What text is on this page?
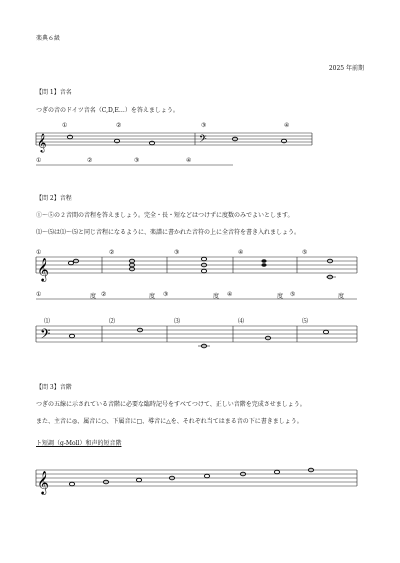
楽典６級
2025 年前期
【問 1】音名
つぎの音のドイツ音名（C,D,E…）を答えましょう。
𝄞	𝄢
①	②	③	④
①	②	③	④
【問 2】音程
①〜⑤の２音間の音程を答えましょう。完全・長・短などはつけずに度数のみでよいとします。
⑴〜⑸は⑴〜⑸と同じ音程になるように、楽譜に書かれた音符の上に全音符を書き入れましょう。
𝄞
①	②	③	④	⑤
①	度 ②	度 ③	度 ④	度 ⑤	度
𝄢
⑴	⑵	⑶	⑷	⑸
【問 3】音階
つぎの五線に示されている音階に必要な臨時記号をすべてつけて、正しい音階を完成させましょう。
また、主音に◎、属音に○、下属音に□、導音に△を、それぞれ当てはまる音の下に書きましょう。
ト短調（g-Moll）和声的短音階
𝄞
